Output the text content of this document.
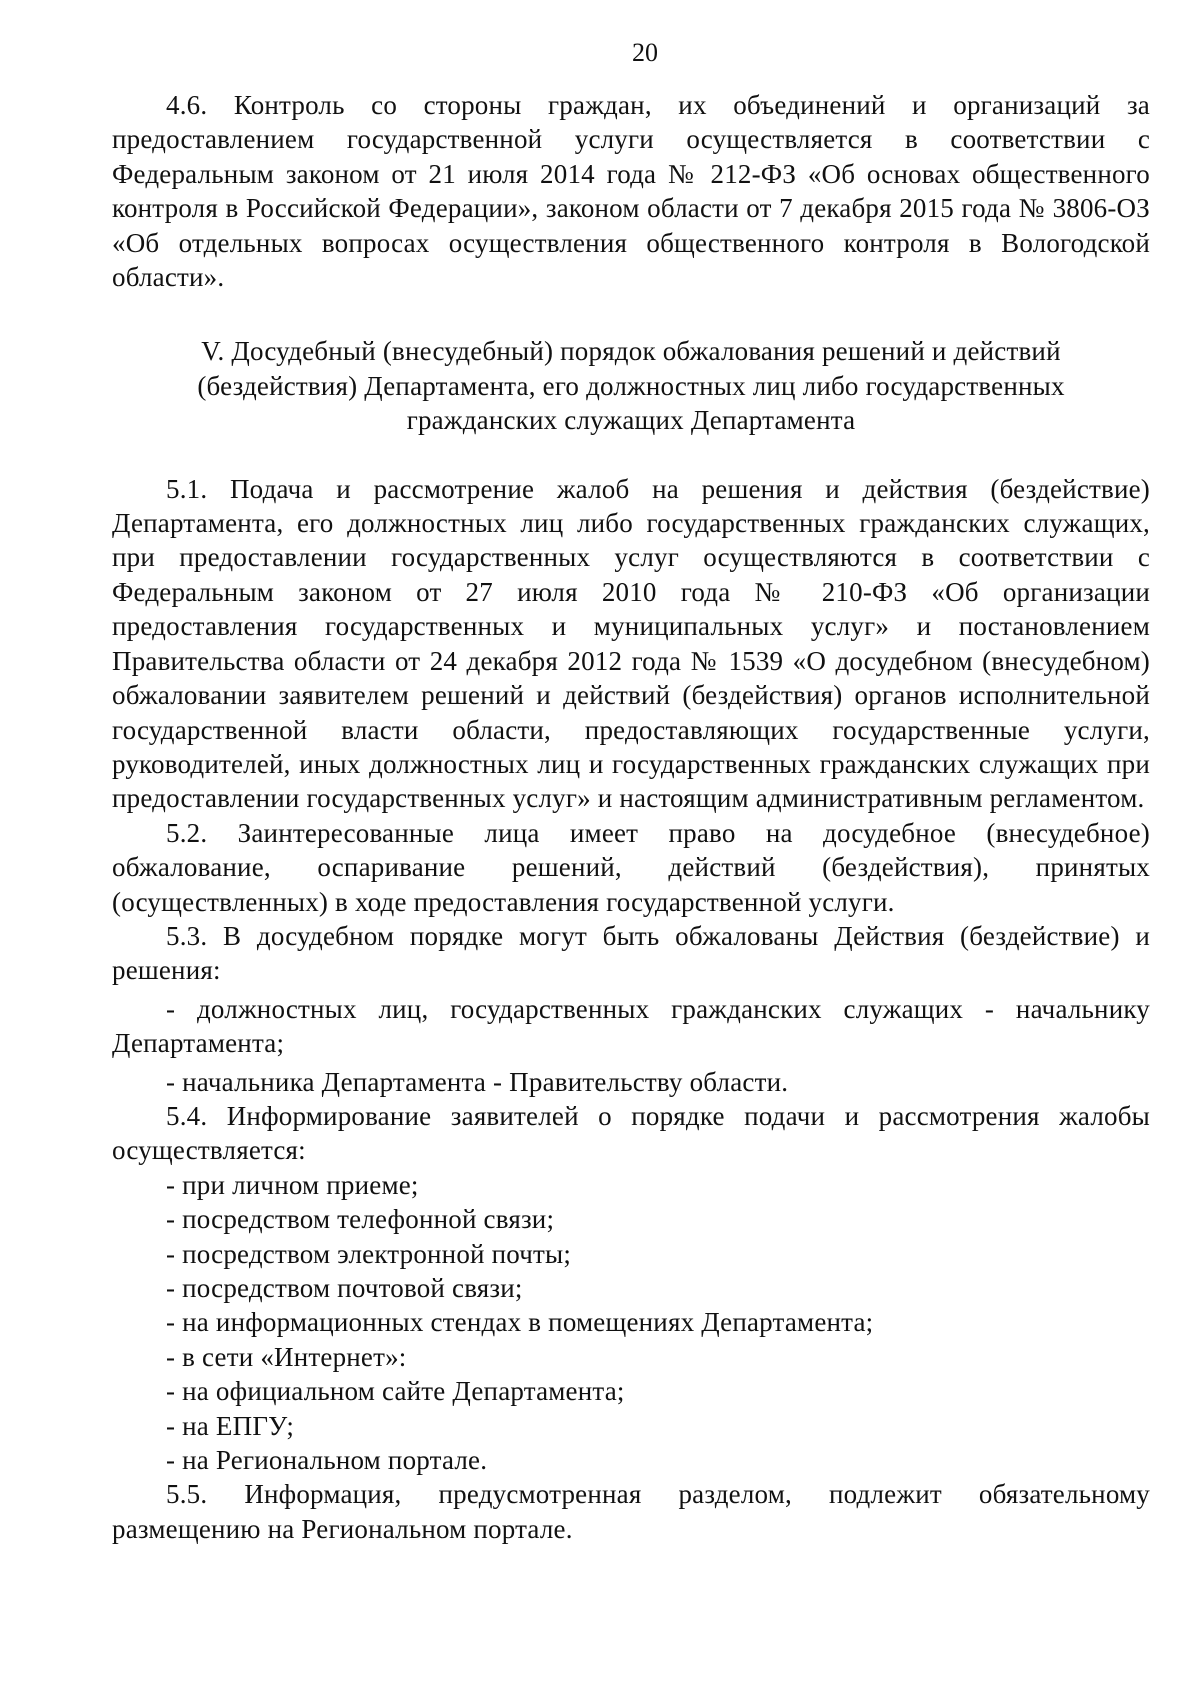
20

4.6. Контроль со стороны граждан, их объединений и организаций за предоставлением государственной услуги осуществляется в соответствии с Федеральным законом от 21 июля 2014 года № 212-ФЗ «Об основах общественного контроля в Российской Федерации», законом области от 7 декабря 2015 года № 3806-ОЗ «Об отдельных вопросах осуществления общественного контроля в Вологодской области».

V. Досудебный (внесудебный) порядок обжалования решений и действий
(бездействия) Департамента, его должностных лиц либо государственных
гражданских служащих Департамента

5.1. Подача и рассмотрение жалоб на решения и действия (бездействие) Департамента, его должностных лиц либо государственных гражданских служащих, при предоставлении государственных услуг осуществляются в соответствии с Федеральным законом от 27 июля 2010 года № 210-ФЗ «Об организации предоставления государственных и муниципальных услуг» и постановлением Правительства области от 24 декабря 2012 года № 1539 «О досудебном (внесудебном) обжаловании заявителем решений и действий (бездействия) органов исполнительной государственной власти области, предоставляющих государственные услуги, руководителей, иных должностных лиц и государственных гражданских служащих при предоставлении государственных услуг» и настоящим административным регламентом.

5.2. Заинтересованные лица имеет право на досудебное (внесудебное) обжалование, оспаривание решений, действий (бездействия), принятых (осуществленных) в ходе предоставления государственной услуги.

5.3. В досудебном порядке могут быть обжалованы Действия (бездействие) и решения:

- должностных лиц, государственных гражданских служащих - начальнику Департамента;

- начальника Департамента - Правительству области.

5.4. Информирование заявителей о порядке подачи и рассмотрения жалобы осуществляется:

- при личном приеме;

- посредством телефонной связи;

- посредством электронной почты;

- посредством почтовой связи;

- на информационных стендах в помещениях Департамента;

- в сети «Интернет»:

- на официальном сайте Департамента;

- на ЕПГУ;

- на Региональном портале.

5.5. Информация, предусмотренная разделом, подлежит обязательному размещению на Региональном портале.
